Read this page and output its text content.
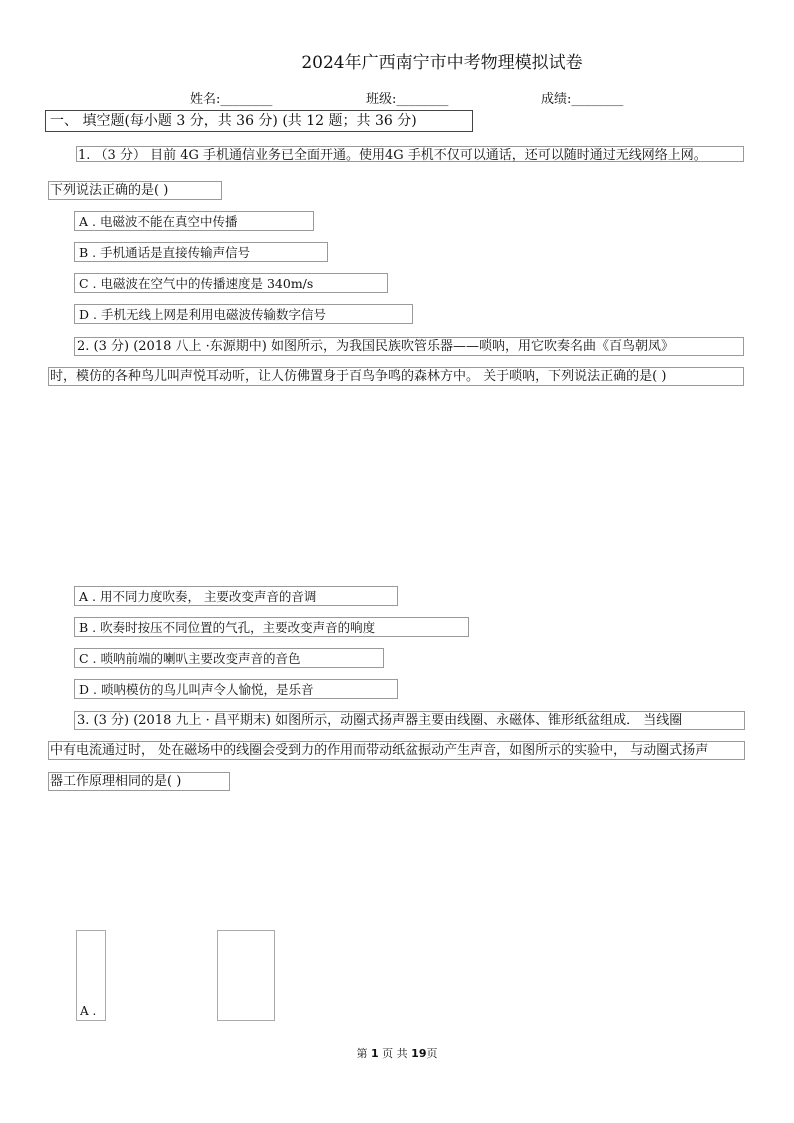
2024年广西南宁市中考物理模拟试卷
姓名:________	班级:________	成绩:________
一、 填空题(每小题 3 分，共 36 分) (共 12 题；共 36 分)
1. （3 分） 目前 4G 手机通信业务已全面开通。使用4G 手机不仅可以通话，还可以随时通过无线网络上网。
下列说法正确的是( )
A . 电磁波不能在真空中传播
B . 手机通话是直接传输声信号
C . 电磁波在空气中的传播速度是 340m/s
D . 手机无线上网是利用电磁波传输数字信号
2. (3 分) (2018 八上 ·东源期中) 如图所示，为我国民族吹管乐器——唢呐，用它吹奏名曲《百鸟朝凤》
时，模仿的各种鸟儿叫声悦耳动听，让人仿佛置身于百鸟争鸣的森林方中。 关于唢呐，下列说法正确的是( )
A . 用不同力度吹奏， 主要改变声音的音调
B . 吹奏时按压不同位置的气孔，主要改变声音的响度
C . 唢呐前端的喇叭主要改变声音的音色
D . 唢呐模仿的鸟儿叫声令人愉悦，是乐音
3. (3 分) (2018 九上 · 昌平期末) 如图所示，动圈式扬声器主要由线圈、永磁体、锥形纸盆组成． 当线圈
中有电流通过时， 处在磁场中的线圈会受到力的作用而带动纸盆振动产生声音，如图所示的实验中， 与动圈式扬声
器工作原理相同的是( )
A .
第 1 页 共 19页
